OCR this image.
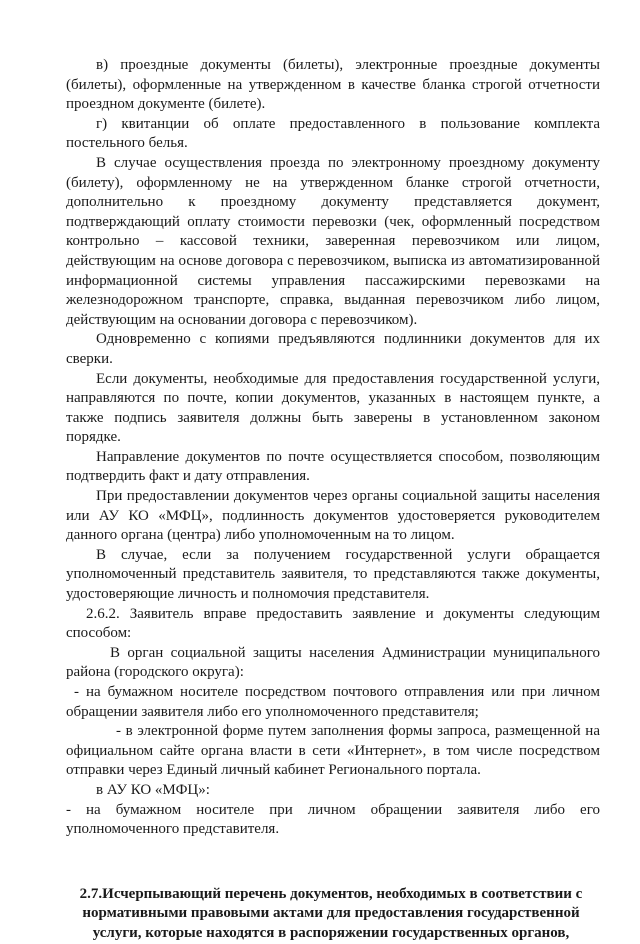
в) проездные документы (билеты), электронные проездные документы (билеты), оформленные на утвержденном в качестве бланка строгой отчетности проездном документе (билете).

г) квитанции об оплате предоставленного в пользование комплекта постельного белья.

В случае осуществления проезда по электронному проездному документу (билету), оформленному не на утвержденном бланке строгой отчетности, дополнительно к проездному документу представляется документ, подтверждающий оплату стоимости перевозки (чек, оформленный посредством контрольно – кассовой техники, заверенная перевозчиком или лицом, действующим на основе договора с перевозчиком, выписка из автоматизированной информационной системы управления пассажирскими перевозками на железнодорожном транспорте, справка, выданная перевозчиком либо лицом, действующим на основании договора с перевозчиком).

Одновременно с копиями предъявляются подлинники документов для их сверки.

Если документы, необходимые для предоставления государственной услуги, направляются по почте, копии документов, указанных в настоящем пункте, а также подпись заявителя должны быть заверены в установленном законом порядке.

Направление документов по почте осуществляется способом, позволяющим подтвердить факт и дату отправления.

При предоставлении документов через органы социальной защиты населения или АУ КО «МФЦ», подлинность документов удостоверяется руководителем данного органа (центра) либо уполномоченным на то лицом.

В случае, если за получением государственной услуги обращается уполномоченный представитель заявителя, то представляются также документы, удостоверяющие личность и полномочия представителя.

2.6.2. Заявитель вправе предоставить заявление и документы следующим способом:

В орган социальной защиты населения Администрации муниципального района (городского округа):

- на бумажном носителе посредством почтового отправления или при личном обращении заявителя либо его уполномоченного представителя;

- в электронной форме путем заполнения формы запроса, размещенной на официальном сайте органа власти в сети «Интернет», в том числе посредством отправки через Единый личный кабинет Регионального портала.

в АУ КО «МФЦ»:

- на бумажном носителе при личном обращении заявителя либо его уполномоченного представителя.

2.7.Исчерпывающий перечень документов, необходимых в соответствии с нормативными правовыми актами для предоставления государственной услуги, которые находятся в распоряжении государственных органов,
